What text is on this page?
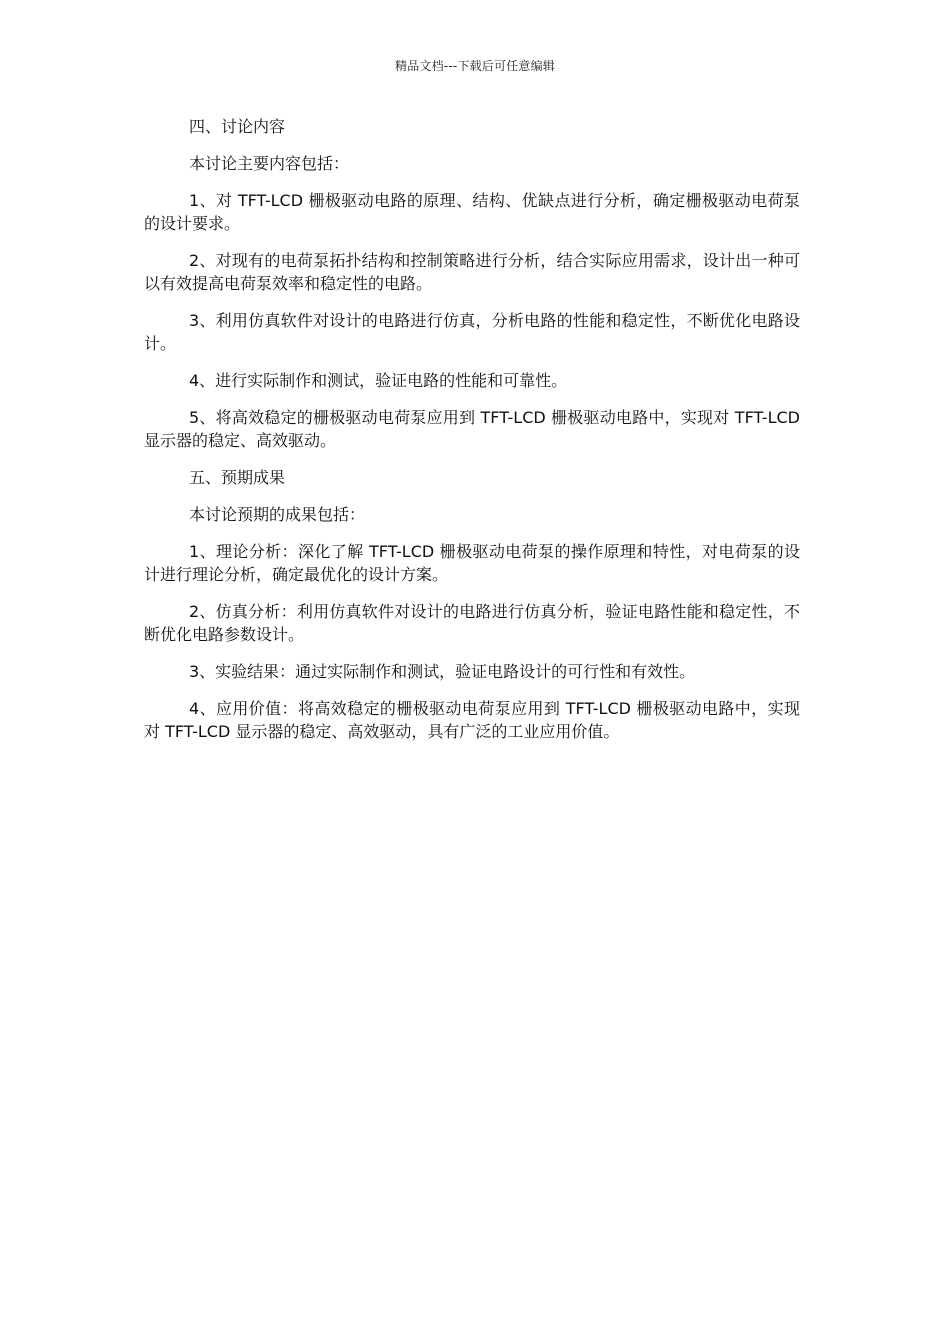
精品文档---下载后可任意编辑

四、讨论内容

本讨论主要内容包括：

1、对 TFT-LCD 栅极驱动电路的原理、结构、优缺点进行分析，确定栅极驱动电荷泵的设计要求。

2、对现有的电荷泵拓扑结构和控制策略进行分析，结合实际应用需求，设计出一种可以有效提高电荷泵效率和稳定性的电路。

3、利用仿真软件对设计的电路进行仿真，分析电路的性能和稳定性，不断优化电路设计。

4、进行实际制作和测试，验证电路的性能和可靠性。

5、将高效稳定的栅极驱动电荷泵应用到 TFT-LCD 栅极驱动电路中，实现对 TFT-LCD 显示器的稳定、高效驱动。

五、预期成果

本讨论预期的成果包括：

1、理论分析：深化了解 TFT-LCD 栅极驱动电荷泵的操作原理和特性，对电荷泵的设计进行理论分析，确定最优化的设计方案。

2、仿真分析：利用仿真软件对设计的电路进行仿真分析，验证电路性能和稳定性，不断优化电路参数设计。

3、实验结果：通过实际制作和测试，验证电路设计的可行性和有效性。

4、应用价值：将高效稳定的栅极驱动电荷泵应用到 TFT-LCD 栅极驱动电路中，实现对 TFT-LCD 显示器的稳定、高效驱动，具有广泛的工业应用价值。
